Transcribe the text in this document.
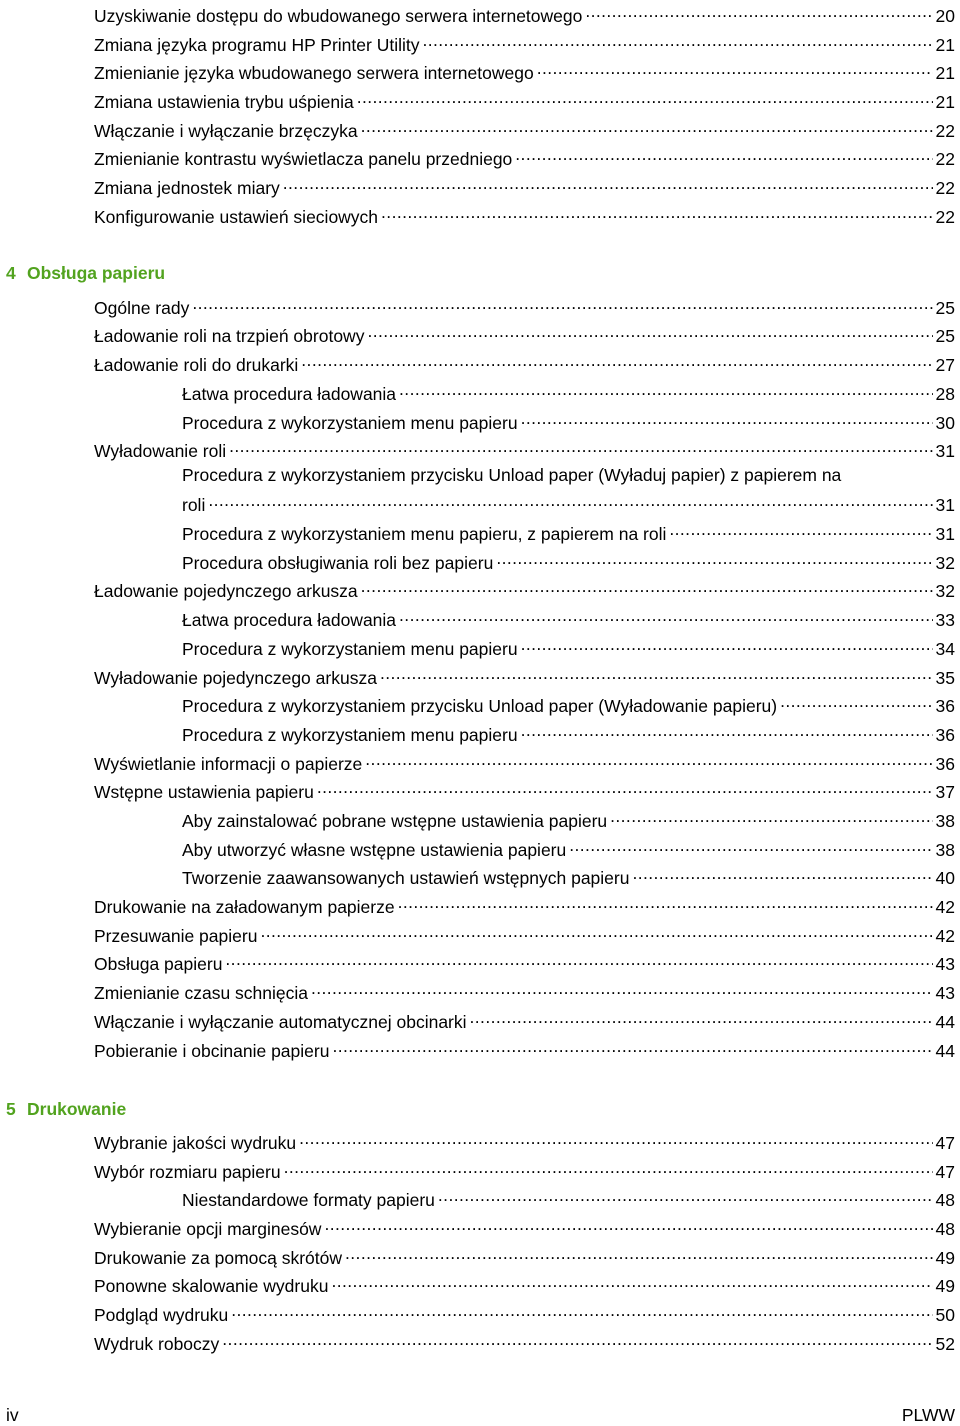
Uzyskiwanie dostępu do wbudowanego serwera internetowego .....	20
Zmiana języka programu HP Printer Utility .....	21
Zmienianie języka wbudowanego serwera internetowego .....	21
Zmiana ustawienia trybu uśpienia .....	21
Włączanie i wyłączanie brzęczyka .....	22
Zmienianie kontrastu wyświetlacza panelu przedniego .....	22
Zmiana jednostek miary .....	22
Konfigurowanie ustawień sieciowych .....	22
4 Obsługa papieru
Ogólne rady .....	25
Ładowanie roli na trzpień obrotowy .....	25
Ładowanie roli do drukarki .....	27
Łatwa procedura ładowania .....	28
Procedura z wykorzystaniem menu papieru .....	30
Wyładowanie roli .....	31
Procedura z wykorzystaniem przycisku Unload paper (Wyładuj papier) z papierem na
roli .....	31
Procedura z wykorzystaniem menu papieru, z papierem na roli .....	31
Procedura obsługiwania roli bez papieru .....	32
Ładowanie pojedynczego arkusza .....	32
Łatwa procedura ładowania .....	33
Procedura z wykorzystaniem menu papieru .....	34
Wyładowanie pojedynczego arkusza .....	35
Procedura z wykorzystaniem przycisku Unload paper (Wyładowanie papieru) .....	36
Procedura z wykorzystaniem menu papieru .....	36
Wyświetlanie informacji o papierze .....	36
Wstępne ustawienia papieru .....	37
Aby zainstalować pobrane wstępne ustawienia papieru .....	38
Aby utworzyć własne wstępne ustawienia papieru .....	38
Tworzenie zaawansowanych ustawień wstępnych papieru .....	40
Drukowanie na załadowanym papierze .....	42
Przesuwanie papieru .....	42
Obsługa papieru .....	43
Zmienianie czasu schnięcia .....	43
Włączanie i wyłączanie automatycznej obcinarki .....	44
Pobieranie i obcinanie papieru .....	44
5 Drukowanie
Wybranie jakości wydruku .....	47
Wybór rozmiaru papieru .....	47
Niestandardowe formaty papieru .....	48
Wybieranie opcji marginesów .....	48
Drukowanie za pomocą skrótów .....	49
Ponowne skalowanie wydruku .....	49
Podgląd wydruku .....	50
Wydruk roboczy .....	52
iv	PLWW
